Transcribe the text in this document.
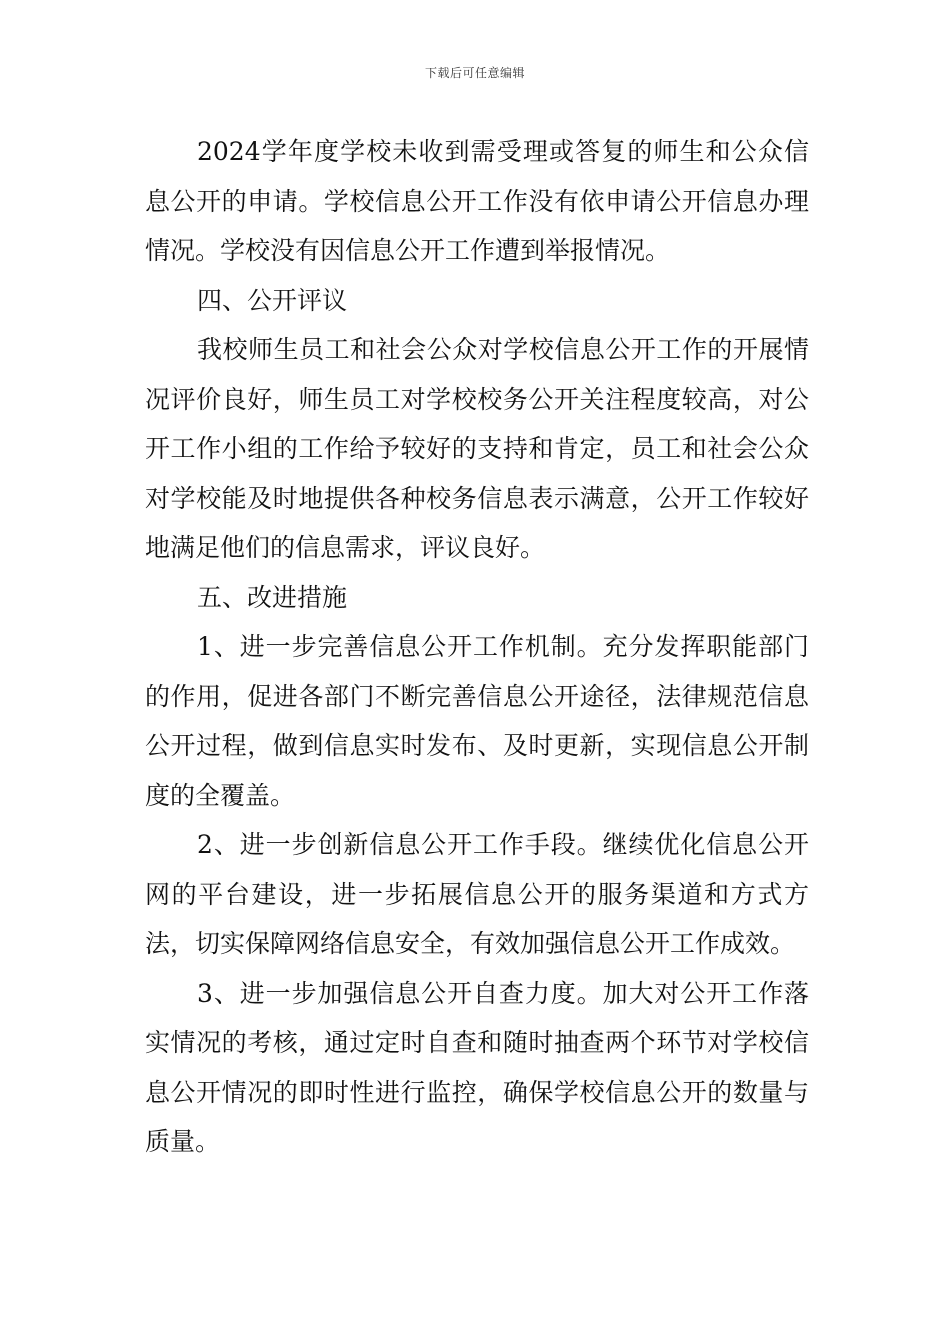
下载后可任意编辑

2024学年度学校未收到需受理或答复的师生和公众信息公开的申请。学校信息公开工作没有依申请公开信息办理情况。学校没有因信息公开工作遭到举报情况。

四、公开评议

我校师生员工和社会公众对学校信息公开工作的开展情况评价良好，师生员工对学校校务公开关注程度较高，对公开工作小组的工作给予较好的支持和肯定，员工和社会公众对学校能及时地提供各种校务信息表示满意，公开工作较好地满足他们的信息需求，评议良好。

五、改进措施

1、进一步完善信息公开工作机制。充分发挥职能部门的作用，促进各部门不断完善信息公开途径，法律规范信息公开过程，做到信息实时发布、及时更新，实现信息公开制度的全覆盖。

2、进一步创新信息公开工作手段。继续优化信息公开网的平台建设，进一步拓展信息公开的服务渠道和方式方法，切实保障网络信息安全，有效加强信息公开工作成效。

3、进一步加强信息公开自查力度。加大对公开工作落实情况的考核，通过定时自查和随时抽查两个环节对学校信息公开情况的即时性进行监控，确保学校信息公开的数量与质量。
